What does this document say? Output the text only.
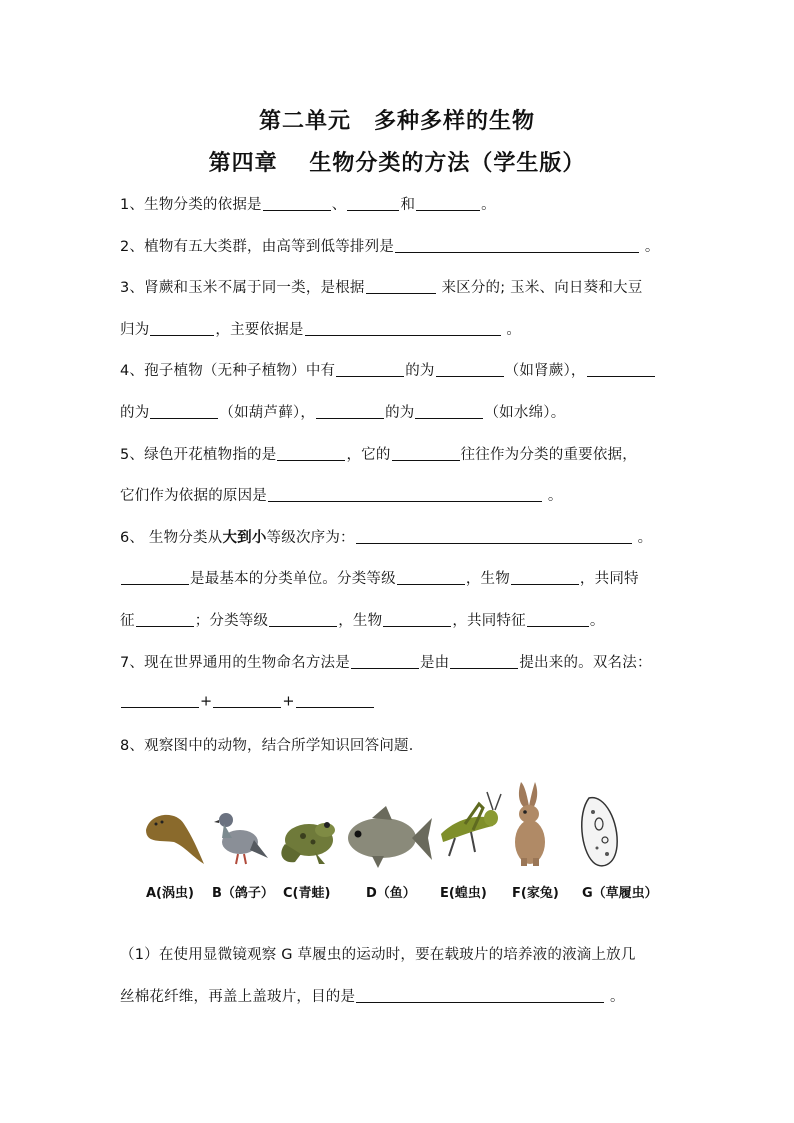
第二单元　多种多样的生物
第四章　 生物分类的方法（学生版）
1、生物分类的依据是	、	和	。
2、植物有五大类群，由高等到低等排列是	。
3、肾蕨和玉米不属于同一类，是根据	来区分的; 玉米、向日葵和大豆
归为	，主要依据是	。
4、孢子植物（无种子植物）中有	的为	（如肾蕨），
的为	（如葫芦藓），	的为	（如水绵）。
5、绿色开花植物指的是	，它的	往往作为分类的重要依据，
它们作为依据的原因是	。
6、 生物分类从大到小等级次序为：	。
是最基本的分类单位。分类等级	，生物	，共同特
征	；分类等级	，生物	，共同特征	。
7、现在世界通用的生物命名方法是	是由	提出来的。双名法：
+	+
8、观察图中的动物，结合所学知识回答问题．
A(涡虫) B（鸽子） C(青蛙)	D（鱼） E(蝗虫) F(家兔) G（草履虫）
（1）在使用显微镜观察 G 草履虫的运动时，要在载玻片的培养液的液滴上放几
丝棉花纤维，再盖上盖玻片，目的是	。
